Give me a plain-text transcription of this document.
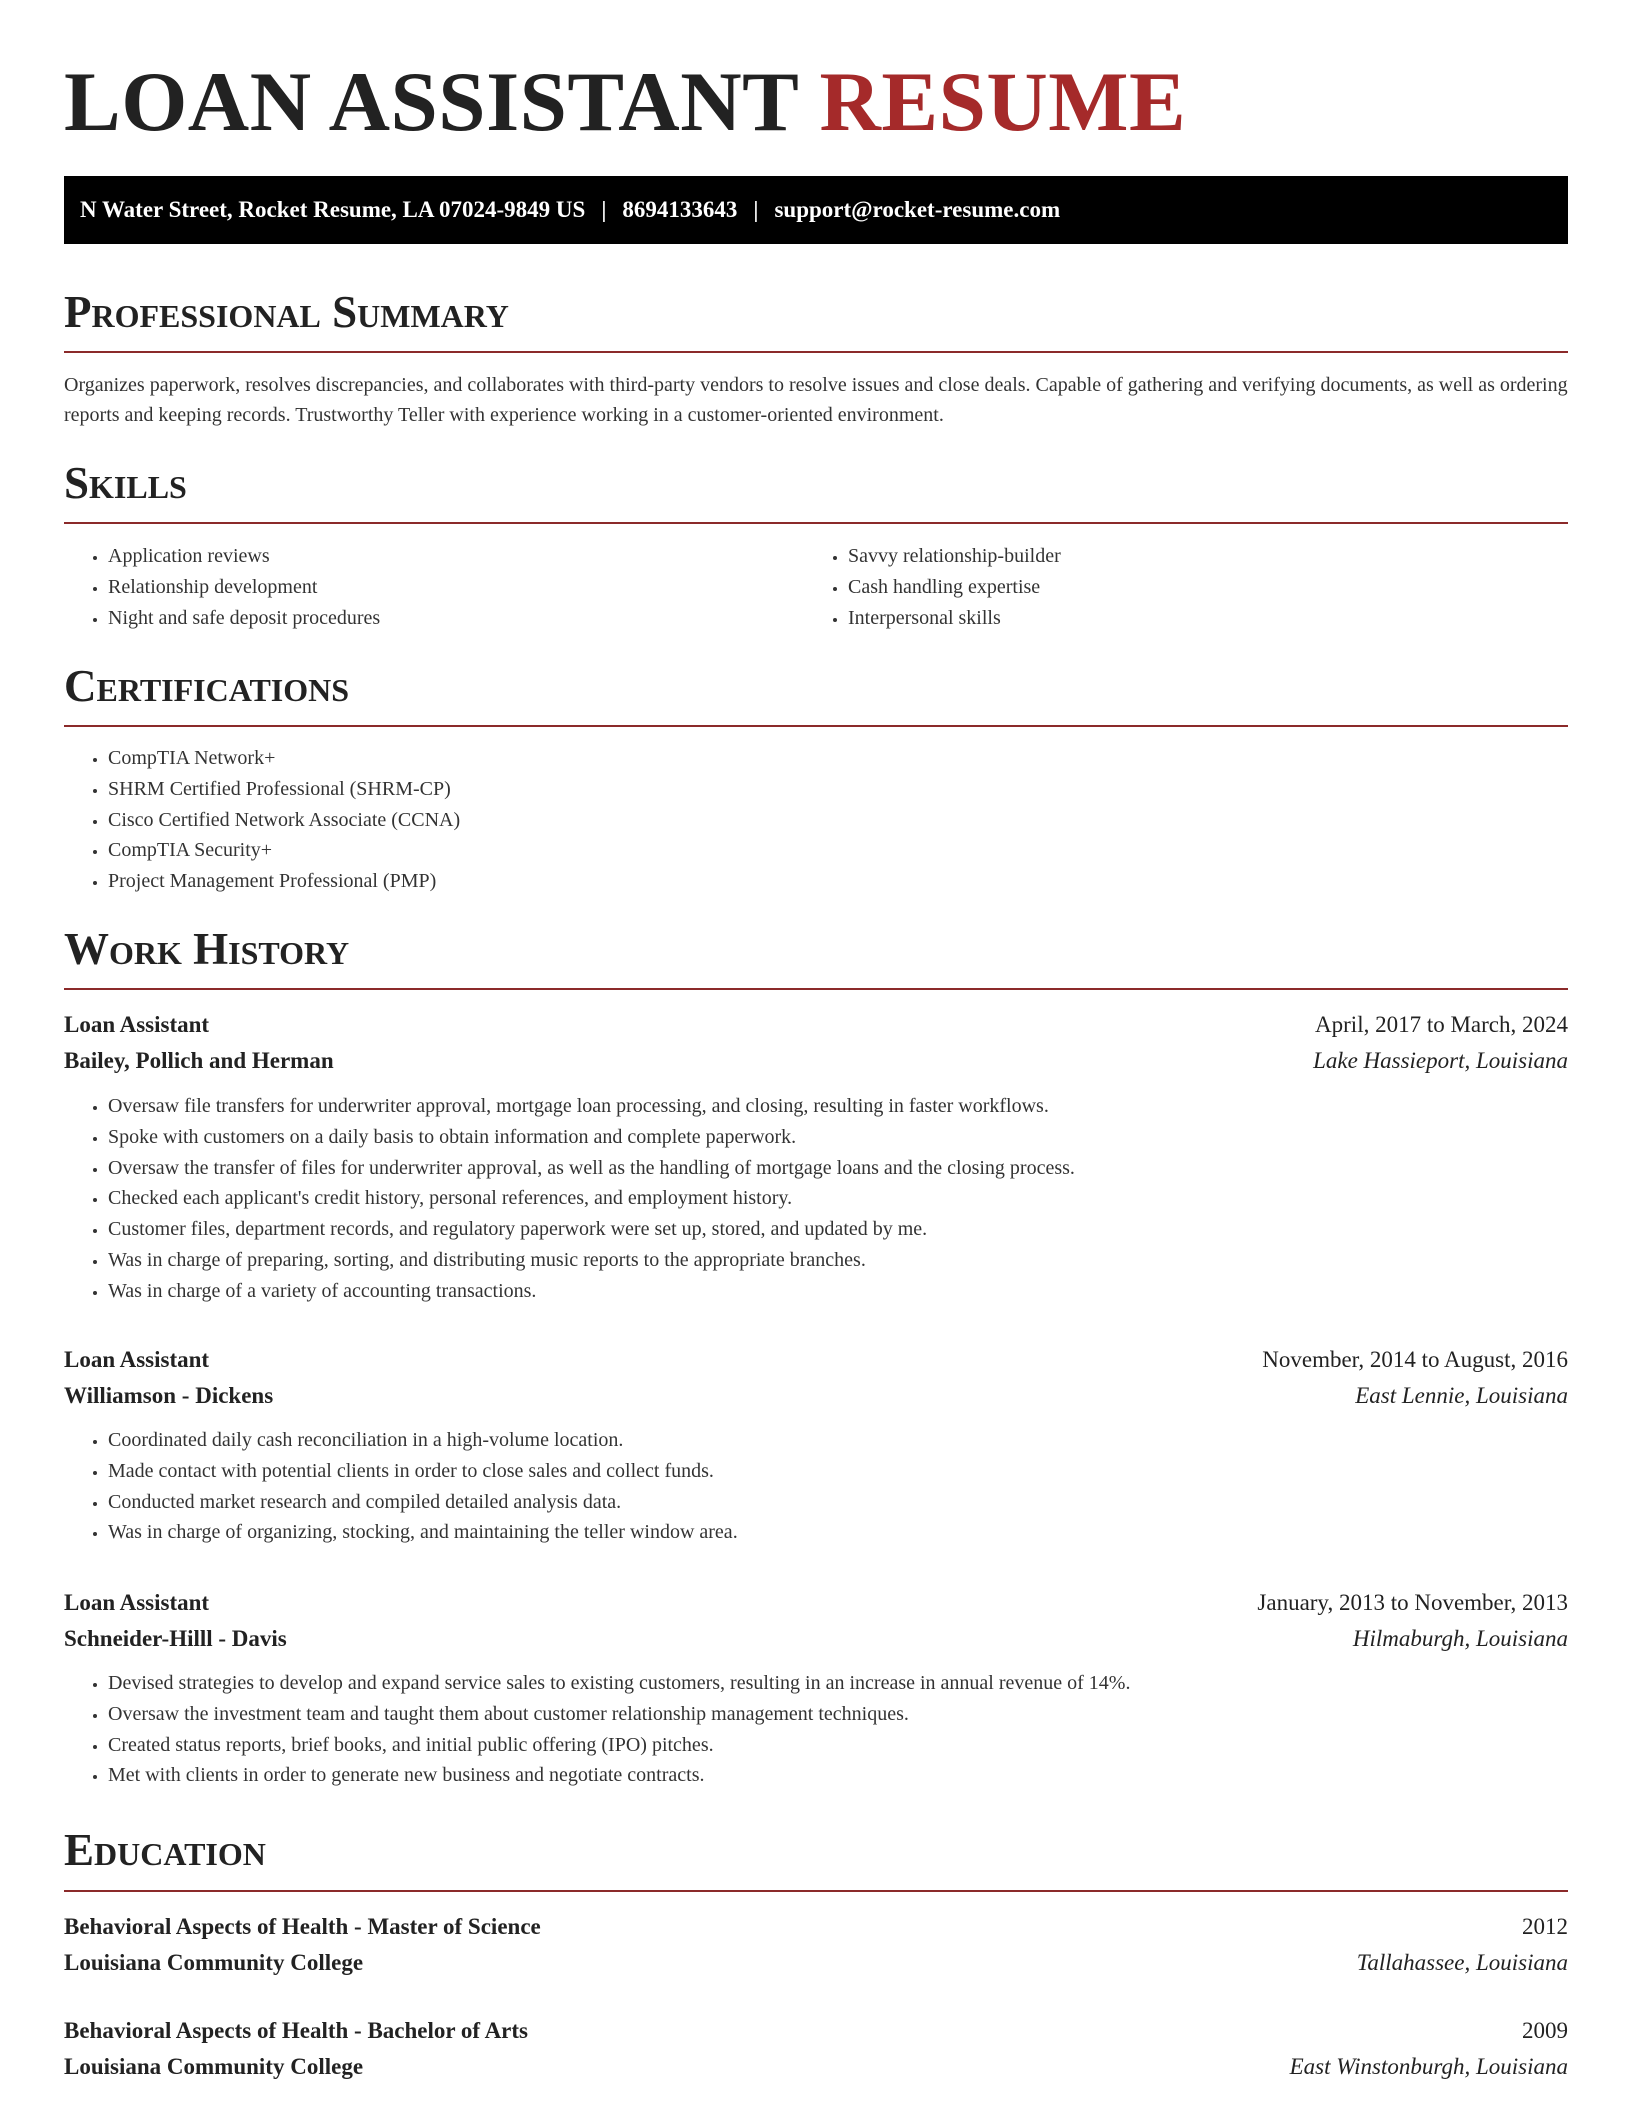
LOAN ASSISTANT RESUME
N Water Street, Rocket Resume, LA 07024-9849 US | 8694133643 | support@rocket-resume.com
Professional Summary

Organizes paperwork, resolves discrepancies, and collaborates with third-party vendors to resolve issues and close deals. Capable of gathering and verifying documents, as well as ordering reports and keeping records. Trustworthy Teller with experience working in a customer-oriented environment.

Skills
• Application reviews
• Relationship development
• Night and safe deposit procedures
• Savvy relationship-builder
• Cash handling expertise
• Interpersonal skills
Certifications
• CompTIA Network+
• SHRM Certified Professional (SHRM-CP)
• Cisco Certified Network Associate (CCNA)
• CompTIA Security+
• Project Management Professional (PMP)
Work History
Loan Assistant	April, 2017 to March, 2024
Bailey, Pollich and Herman	Lake Hassieport, Louisiana
• Oversaw file transfers for underwriter approval, mortgage loan processing, and closing, resulting in faster workflows.
• Spoke with customers on a daily basis to obtain information and complete paperwork.
• Oversaw the transfer of files for underwriter approval, as well as the handling of mortgage loans and the closing process.
• Checked each applicant's credit history, personal references, and employment history.
• Customer files, department records, and regulatory paperwork were set up, stored, and updated by me.
• Was in charge of preparing, sorting, and distributing music reports to the appropriate branches.
• Was in charge of a variety of accounting transactions.
Loan Assistant	November, 2014 to August, 2016
Williamson - Dickens	East Lennie, Louisiana
• Coordinated daily cash reconciliation in a high-volume location.
• Made contact with potential clients in order to close sales and collect funds.
• Conducted market research and compiled detailed analysis data.
• Was in charge of organizing, stocking, and maintaining the teller window area.
Loan Assistant	January, 2013 to November, 2013
Schneider-Hilll - Davis	Hilmaburgh, Louisiana
• Devised strategies to develop and expand service sales to existing customers, resulting in an increase in annual revenue of 14%.
• Oversaw the investment team and taught them about customer relationship management techniques.
• Created status reports, brief books, and initial public offering (IPO) pitches.
• Met with clients in order to generate new business and negotiate contracts.
Education
Behavioral Aspects of Health - Master of Science	2012
Louisiana Community College	Tallahassee, Louisiana
Behavioral Aspects of Health - Bachelor of Arts	2009
Louisiana Community College	East Winstonburgh, Louisiana
